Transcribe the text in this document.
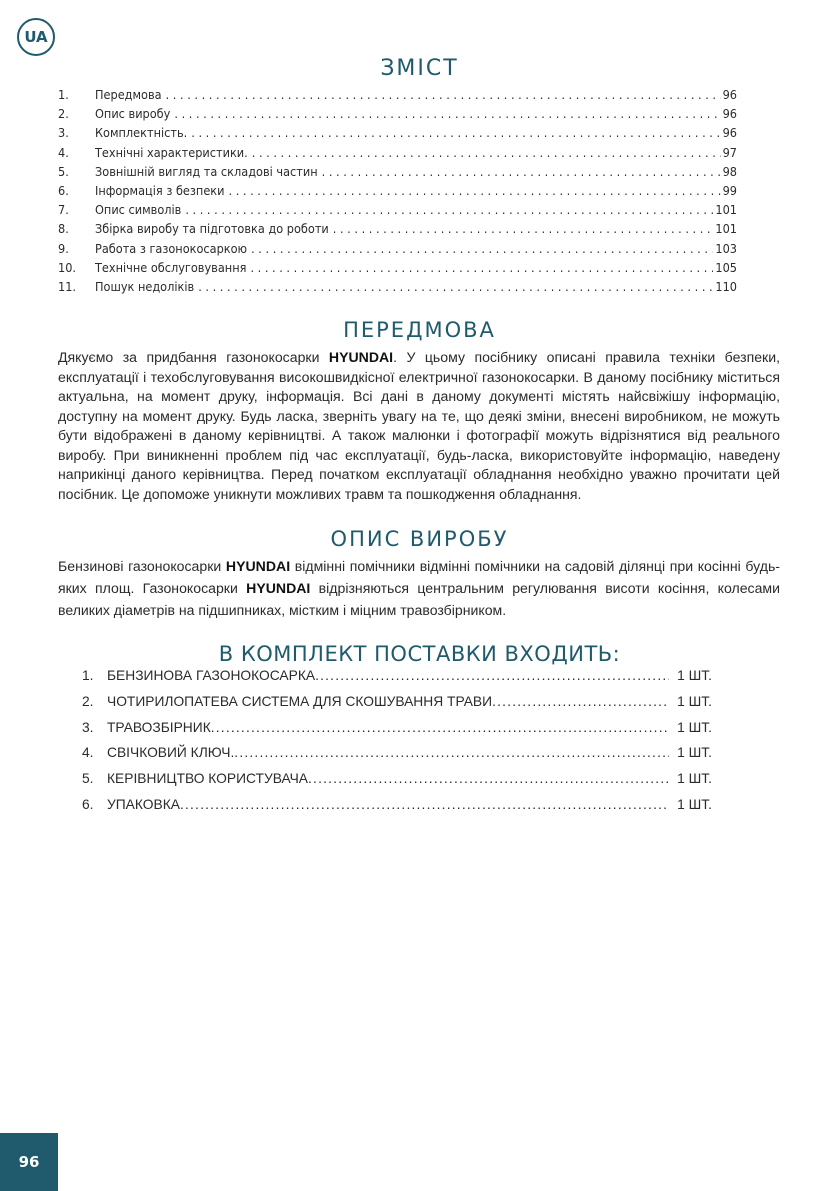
UA
ЗМІСТ
1.	Передмова . . .	96
2.	Опис виробу . . .	96
3.	Комплектність. . . .	96
4.	Технічні характеристики. . . .	97
5.	Зовнішній вигляд та складові частин . . .	98
6.	Інформація з безпеки . . .	99
7.	Опис символів . . .	101
8.	Збірка виробу та підготовка до роботи . . .	101
9.	Работа з газонокосаркою . . .	103
10.	Технічне обслуговування . . .	105
11.	Пошук недоліків . . .	110
ПЕРЕДМОВА

Дякуємо за придбання газонокосарки HYUNDAI. У цьому посібнику описані правила техніки безпеки, експлуатації і техобслуговування високошвидкісної електричної газонокосарки. В даному посібнику міститься актуальна, на момент друку, інформація. Всі дані в даному документі містять найсвіжішу інформацію, доступну на момент друку. Будь ласка, зверніть увагу на те, що деякі зміни, внесені виробником, не можуть бути відображені в даному керівництві. А також малюнки і фотографії можуть відрізнятися від реального виробу. При виникненні проблем під час експлуатації, будь-ласка, використовуйте інформацію, наведену наприкінці даного керівництва. Перед початком експлуатації обладнання необхідно уважно прочитати цей посібник. Це допоможе уникнути можливих травм та пошкодження обладнання.

ОПИС ВИРОБУ

Бензинові газонокосарки HYUNDAI відмінні помічники відмінні помічники на садовій ділянці при косінні будь-яких площ. Газонокосарки HYUNDAI відрізняються центральним регулювання висоти косіння, колесами великих діаметрів на підшипниках, містким і міцним травозбірником.

В КОМПЛЕКТ ПОСТАВКИ ВХОДИТЬ:
1. БЕНЗИНОВА ГАЗОНОКОСАРКА .....	1 ШТ.
2. ЧОТИРИЛОПАТЕВА СИСТЕМА ДЛЯ СКОШУВАННЯ ТРАВИ .....	1 ШТ.
3. ТРАВОЗБІРНИК .....	1 ШТ.
4. СВІЧКОВИЙ КЛЮЧ. .....	1 ШТ.
5. КЕРІВНИЦТВО КОРИСТУВАЧА .....	1 ШТ.
6. УПАКОВКА .....	1 ШТ.
96
